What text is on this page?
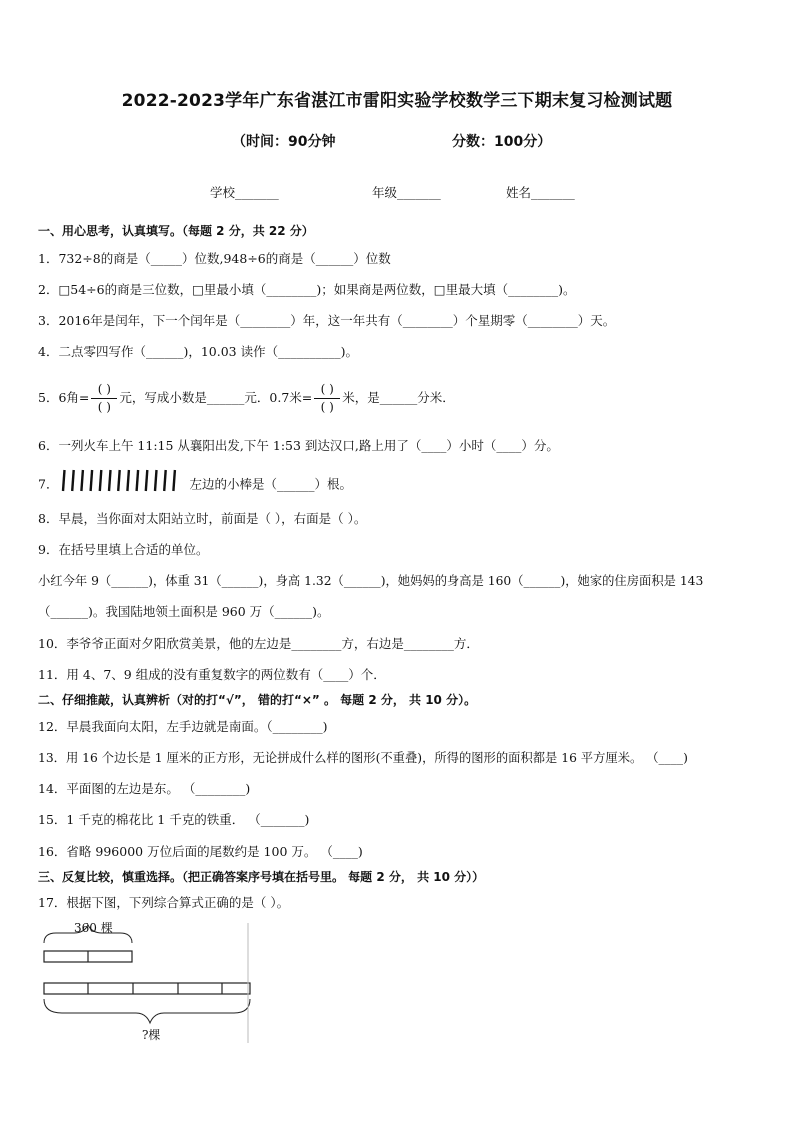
2022-2023学年广东省湛江市雷阳实验学校数学三下期末复习检测试题
（时间：90分钟	分数：100分）
学校_______	年级_______	姓名_______
一、用心思考，认真填写。（每题 2 分，共 22 分）
1．732÷8的商是（_____）位数,948÷6的商是（______）位数
2．□54÷6的商是三位数，□里最小填（________)；如果商是两位数，□里最大填（________)。
3．2016年是闰年，下一个闰年是（________）年，这一年共有（________）个星期零（________）天。
4．二点零四写作（______)，10.03 读作（__________)。
5．6角= $\frac{( )}{( )}$ 元，写成小数是______元．0.7米= $\frac{( )}{( )}$ 米，是______分米．
6．一列火车上午 11:15 从襄阳出发,下午 1:53 到达汉口,路上用了（____）小时（____）分。
7．	左边的小棒是（______）根。
8．早晨，当你面对太阳站立时，前面是（ ），右面是（ ）。
9．在括号里填上合适的单位。
小红今年 9（______)，体重 31（______)，身高 1.32（______)，她妈妈的身高是 160（______)，她家的住房面积是 143
（______)。我国陆地领土面积是 960 万（______)。
10．李爷爷正面对夕阳欣赏美景，他的左边是________方，右边是________方．
11．用 4、7、9 组成的没有重复数字的两位数有（____）个．
二、仔细推敲，认真辨析（对的打“√”， 错的打“×” 。 每题 2 分， 共 10 分）。
12．早晨我面向太阳，左手边就是南面。（________)
13．用 16 个边长是 1 厘米的正方形，无论拼成什么样的图形(不重叠)，所得的图形的面积都是 16 平方厘米。 （____)
14．平面图的左边是东。 （________)
15．1 千克的棉花比 1 千克的铁重． （_______)
16．省略 996000 万位后面的尾数约是 100 万。 （____)
三、反复比较，慎重选择。（把正确答案序号填在括号里。 每题 2 分， 共 10 分））
17．根据下图，下列综合算式正确的是（ ）。
360 棵
?棵
